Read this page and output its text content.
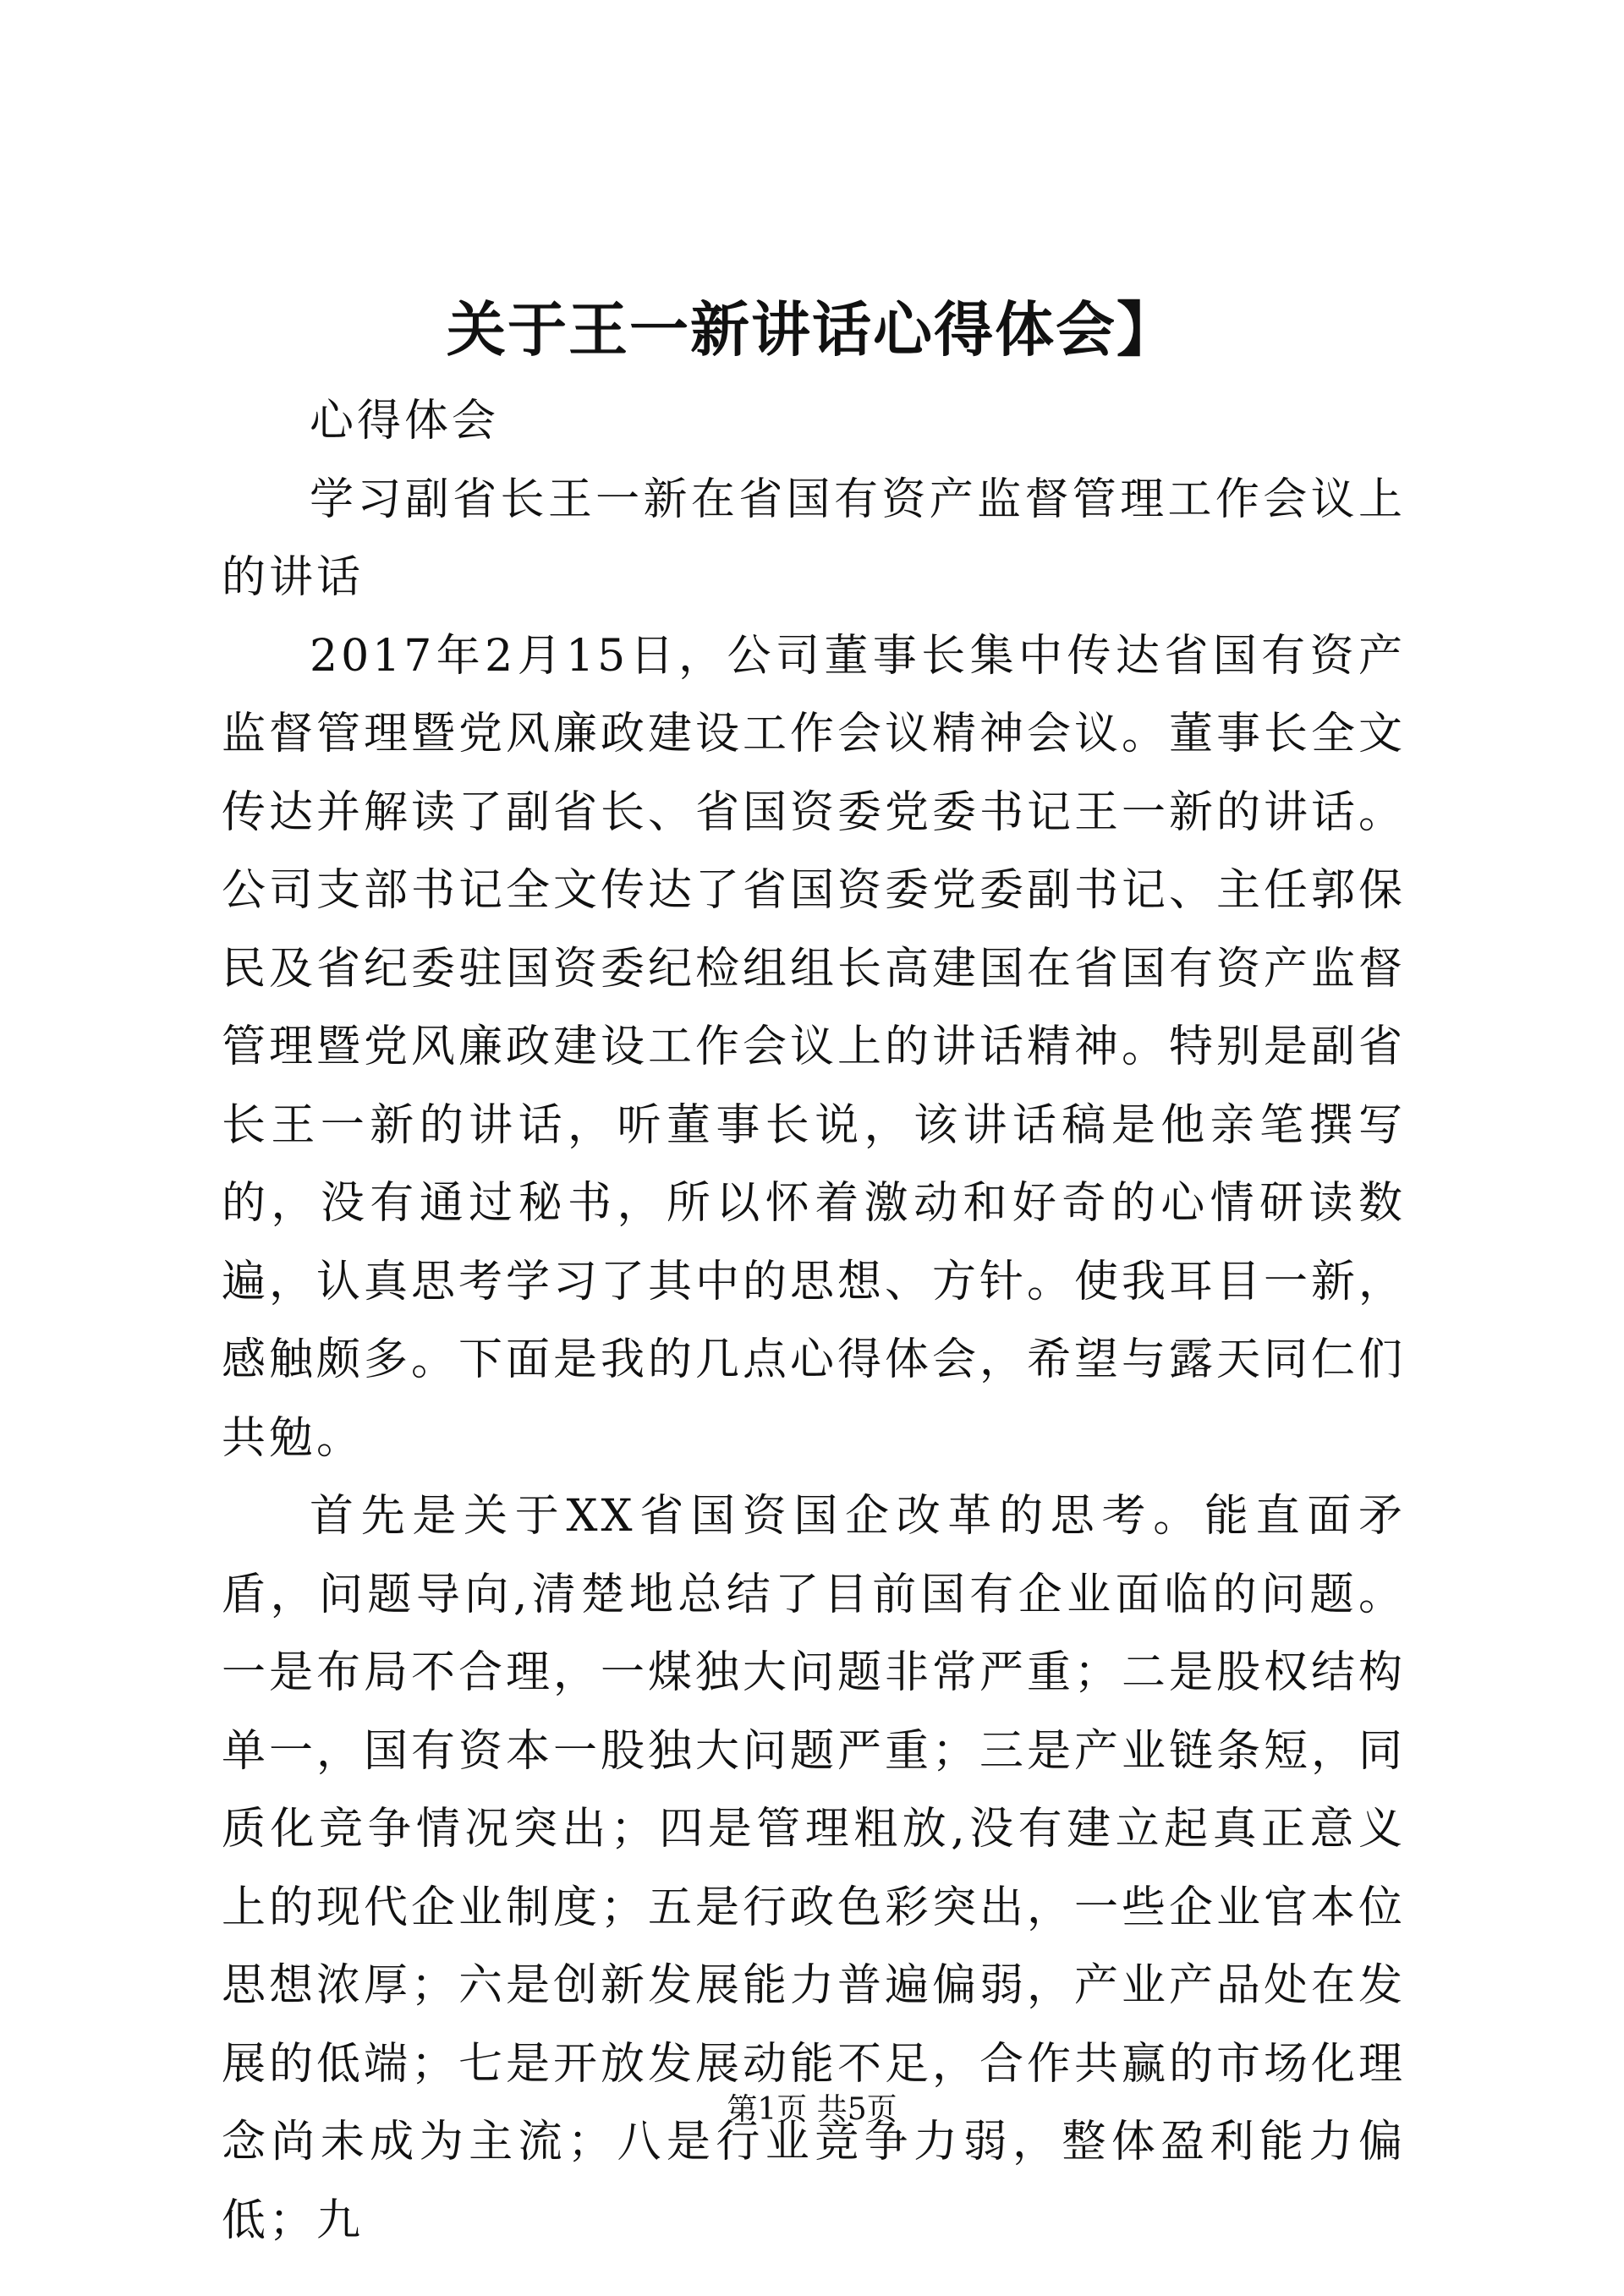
关于王一新讲话心得体会】

心得体会

学习副省长王一新在省国有资产监督管理工作会议上的讲话

2017年2月15日，公司董事长集中传达省国有资产监督管理暨党风廉政建设工作会议精神会议。董事长全文传达并解读了副省长、省国资委党委书记王一新的讲话。公司支部书记全文传达了省国资委党委副书记、主任郭保民及省纪委驻国资委纪检组组长高建国在省国有资产监督管理暨党风廉政建设工作会议上的讲话精神。特别是副省长王一新的讲话，听董事长说，该讲话稿是他亲笔撰写的，没有通过秘书，所以怀着激动和好奇的心情研读数遍，认真思考学习了其中的思想、方针。使我耳目一新，感触颇多。下面是我的几点心得体会，希望与露天同仁们共勉。

首先是关于XX省国资国企改革的思考。能直面矛盾，问题导向,清楚地总结了目前国有企业面临的问题。一是布局不合理，一煤独大问题非常严重；二是股权结构单一，国有资本一股独大问题严重；三是产业链条短，同质化竞争情况突出；四是管理粗放,没有建立起真正意义上的现代企业制度；五是行政色彩突出，一些企业官本位思想浓厚；六是创新发展能力普遍偏弱，产业产品处在发展的低端；七是开放发展动能不足，合作共赢的市场化理念尚未成为主流；八是行业竞争力弱，整体盈利能力偏低；九

第1页 共5页
